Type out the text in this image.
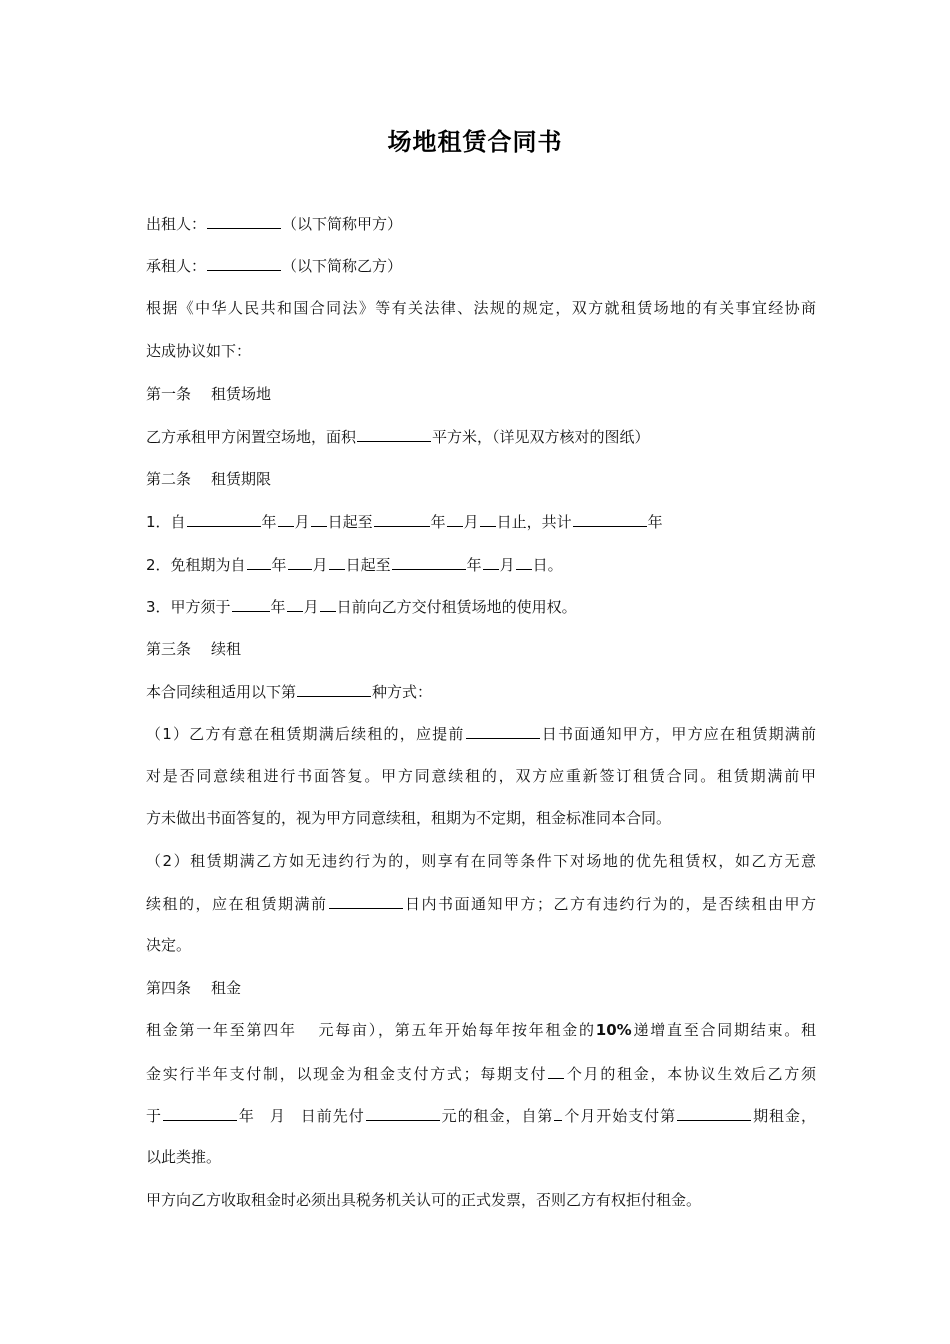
场地租赁合同书
出租人：	（以下简称甲方）
承租人：	（以下简称乙方）
根据《中华人民共和国合同法》等有关法律、法规的规定，双方就租赁场地的有关事宜经协商
达成协议如下：
第一条 租赁场地
乙方承租甲方闲置空场地，面积	平方米，（详见双方核对的图纸）
第二条 租赁期限
1．自	年 月 日起至	年 月 日止，共计	年
2．免租期为自 年 月 日起至	年 月 日。
3．甲方须于	年 月 日前向乙方交付租赁场地的使用权。
第三条 续租
本合同续租适用以下第	种方式：
（1）乙方有意在租赁期满后续租的，应提前	日书面通知甲方，甲方应在租赁期满前
对是否同意续租进行书面答复。甲方同意续租的，双方应重新签订租赁合同。租赁期满前甲
方未做出书面答复的，视为甲方同意续租，租期为不定期，租金标准同本合同。
（2）租赁期满乙方如无违约行为的，则享有在同等条件下对场地的优先租赁权，如乙方无意
续租的，应在租赁期满前	日内书面通知甲方；乙方有违约行为的，是否续租由甲方
决定。
第四条 租金
租金第一年至第四年 元每亩），第五年开始每年按年租金的10%递增直至合同期结束。租
金实行半年支付制，以现金为租金支付方式；每期支付 个月的租金，本协议生效后乙方须
于	年 月 日前先付	元的租金，自第 个月开始支付第	期租金，
以此类推。
甲方向乙方收取租金时必须出具税务机关认可的正式发票，否则乙方有权拒付租金。
